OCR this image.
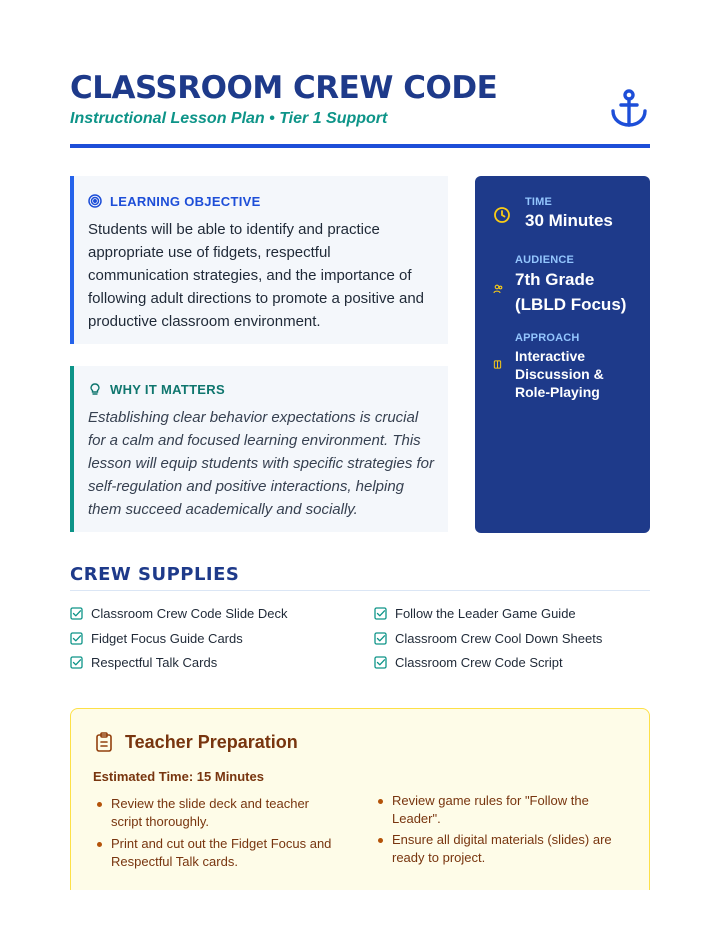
CLASSROOM CREW CODE
Instructional Lesson Plan • Tier 1 Support
LEARNING OBJECTIVE
Students will be able to identify and practice appropriate use of fidgets, respectful communication strategies, and the importance of following adult directions to promote a positive and productive classroom environment.
WHY IT MATTERS
Establishing clear behavior expectations is crucial for a calm and focused learning environment. This lesson will equip students with specific strategies for self-regulation and positive interactions, helping them succeed academically and socially.
TIME
30 Minutes
AUDIENCE
7th Grade (LBLD Focus)
APPROACH
Interactive Discussion & Role-Playing
CREW SUPPLIES
Classroom Crew Code Slide Deck
Fidget Focus Guide Cards
Respectful Talk Cards
Follow the Leader Game Guide
Classroom Crew Cool Down Sheets
Classroom Crew Code Script
Teacher Preparation
Estimated Time: 15 Minutes
Review the slide deck and teacher script thoroughly.
Print and cut out the Fidget Focus and Respectful Talk cards.
Review game rules for "Follow the Leader".
Ensure all digital materials (slides) are ready to project.
